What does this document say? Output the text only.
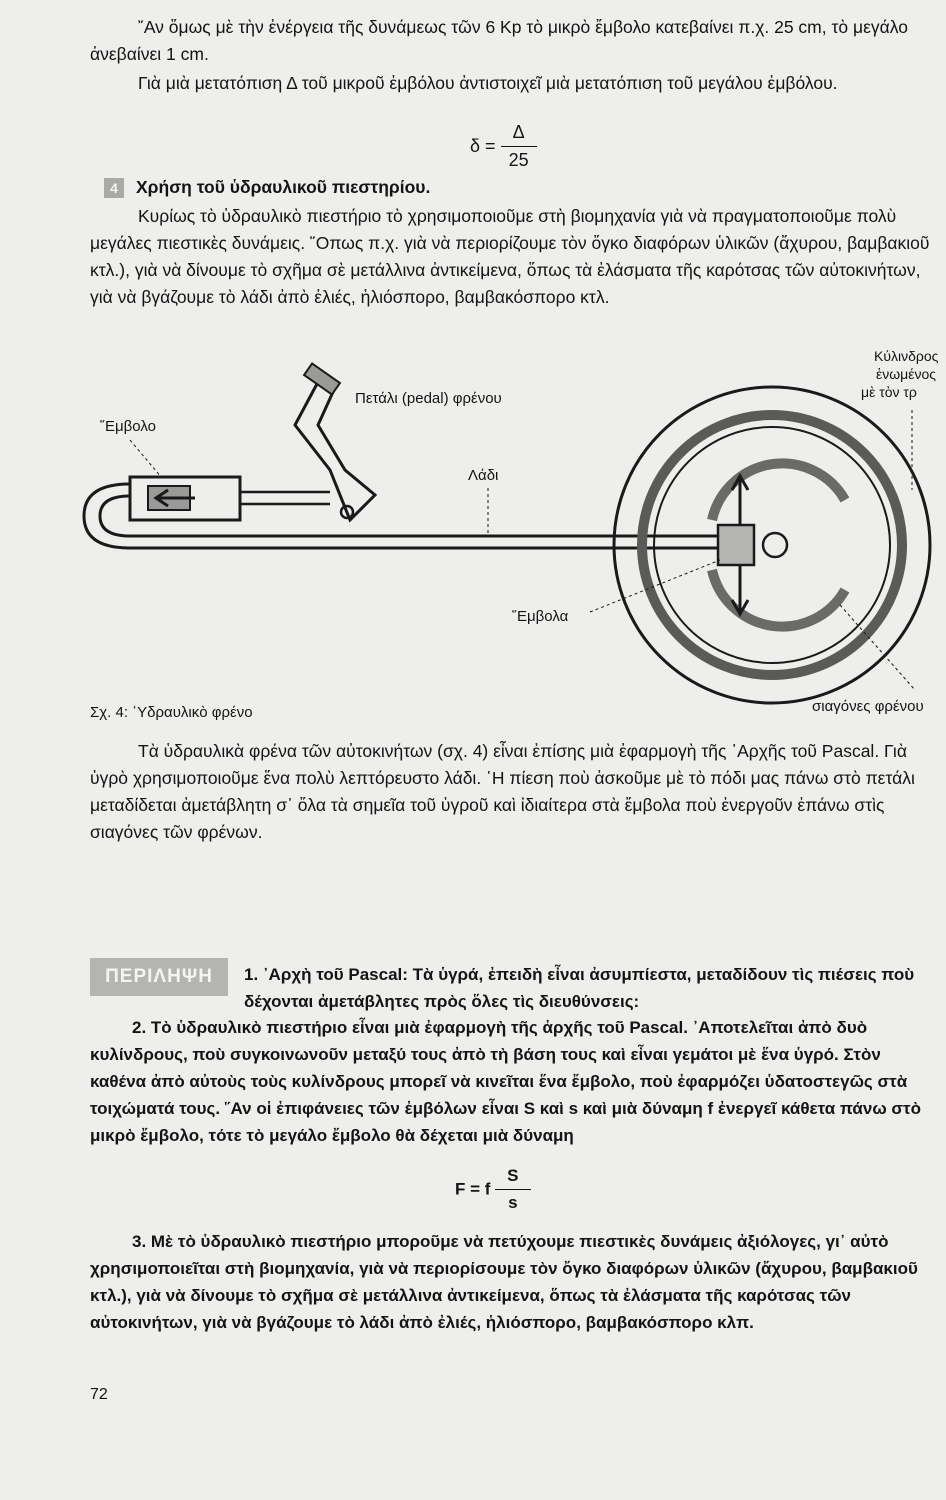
῎Αν ὅμως μὲ τὴν ἐνέργεια τῆς δυνάμεως τῶν 6 Kp τὸ μικρὸ ἔμβολο κατεβαίνει π.χ. 25 cm, τὸ μεγάλο ἀνεβαίνει 1 cm.

Γιὰ μιὰ μετατόπιση Δ τοῦ μικροῦ ἐμβόλου ἀντιστοιχεῖ μιὰ μετατόπιση τοῦ μεγάλου ἐμβόλου.

$\delta = \frac{\Delta}{25}$
4	Χρήση τοῦ ὑδραυλικοῦ πιεστηρίου.

Κυρίως τὸ ὑδραυλικὸ πιεστήριο τὸ χρησιμοποιοῦμε στὴ βιομηχανία γιὰ νὰ πραγματοποιοῦμε πολὺ μεγάλες πιεστικὲς δυνάμεις. ῞Οπως π.χ. γιὰ νὰ περιορίζουμε τὸν ὄγκο διαφόρων ὑλικῶν (ἄχυρου, βαμβακιοῦ κτλ.), γιὰ νὰ δίνουμε τὸ σχῆμα σὲ μετάλλινα ἀντικείμενα, ὅπως τὰ ἐλάσματα τῆς καρότσας τῶν αὐτοκινήτων, γιὰ νὰ βγάζουμε τὸ λάδι ἀπὸ ἐλιές, ἡλιόσπορο, βαμβακόσπορο κτλ.

῞Εμβολο
Πετάλι (pedal) φρένου
Λάδι
῞Εμβολα
Κύλινδρος
ἑνωμένος
μὲ τὸν τρ
σιαγόνες φρένου
Σχ. 4: ῾Υδραυλικὸ φρένο

Τὰ ὑδραυλικὰ φρένα τῶν αὐτοκινήτων (σχ. 4) εἶναι ἐπίσης μιὰ ἐφαρμογὴ τῆς ᾿Αρχῆς τοῦ Pascal. Γιὰ ὑγρὸ χρησιμοποιοῦμε ἕνα πολὺ λεπτόρευστο λάδι. ῾Η πίεση ποὺ ἀσκοῦμε μὲ τὸ πόδι μας πάνω στὸ πετάλι μεταδίδεται ἀμετάβλητη σ᾿ ὅλα τὰ σημεῖα τοῦ ὑγροῦ καὶ ἰδιαίτερα στὰ ἔμβολα ποὺ ἐνεργοῦν ἐπάνω στὶς σιαγόνες τῶν φρένων.

ΠΕΡΙΛΗΨΗ	1. ᾿Αρχὴ τοῦ Pascal: Τὰ ὑγρά, ἐπειδὴ εἶναι ἀσυμπίεστα, μεταδίδουν τὶς πιέσεις ποὺ δέχονται ἀμετάβλητες πρὸς ὅλες τὶς διευθύνσεις:
2. Τὸ ὑδραυλικὸ πιεστήριο εἶναι μιὰ ἐφαρμογὴ τῆς ἀρχῆς τοῦ Pascal. ᾿Αποτελεῖται ἀπὸ δυὸ κυλίνδρους, ποὺ συγκοινωνοῦν μεταξύ τους ἀπὸ τὴ βάση τους καὶ εἶναι γεμάτοι μὲ ἕνα ὑγρό. Στὸν καθένα ἀπὸ αὐτοὺς τοὺς κυλίνδρους μπορεῖ νὰ κινεῖται ἕνα ἔμβολο, ποὺ ἐφαρμόζει ὑδατοστεγῶς στὰ τοιχώματά τους. ῞Αν οἱ ἐπιφάνειες τῶν ἐμβόλων εἶναι S καὶ s καὶ μιὰ δύναμη f ἐνεργεῖ κάθετα πάνω στὸ μικρὸ ἔμβολο, τότε τὸ μεγάλο ἔμβολο θὰ δέχεται μιὰ δύναμη
F = f $\frac{S}{s}$
3. Μὲ τὸ ὑδραυλικὸ πιεστήριο μποροῦμε νὰ πετύχουμε πιεστικὲς δυνάμεις ἀξιόλογες, γι᾿ αὐτὸ χρησιμοποιεῖται στὴ βιομηχανία, γιὰ νὰ περιορίσουμε τὸν ὄγκο διαφόρων ὑλικῶν (ἄχυρου, βαμβακιοῦ κτλ.), γιὰ νὰ δίνουμε τὸ σχῆμα σὲ μετάλλινα ἀντικείμενα, ὅπως τὰ ἐλάσματα τῆς καρότσας τῶν αὐτοκινήτων, γιὰ νὰ βγάζουμε τὸ λάδι ἀπὸ ἐλιές, ἡλιόσπορο, βαμβακόσπορο κλπ.
72
